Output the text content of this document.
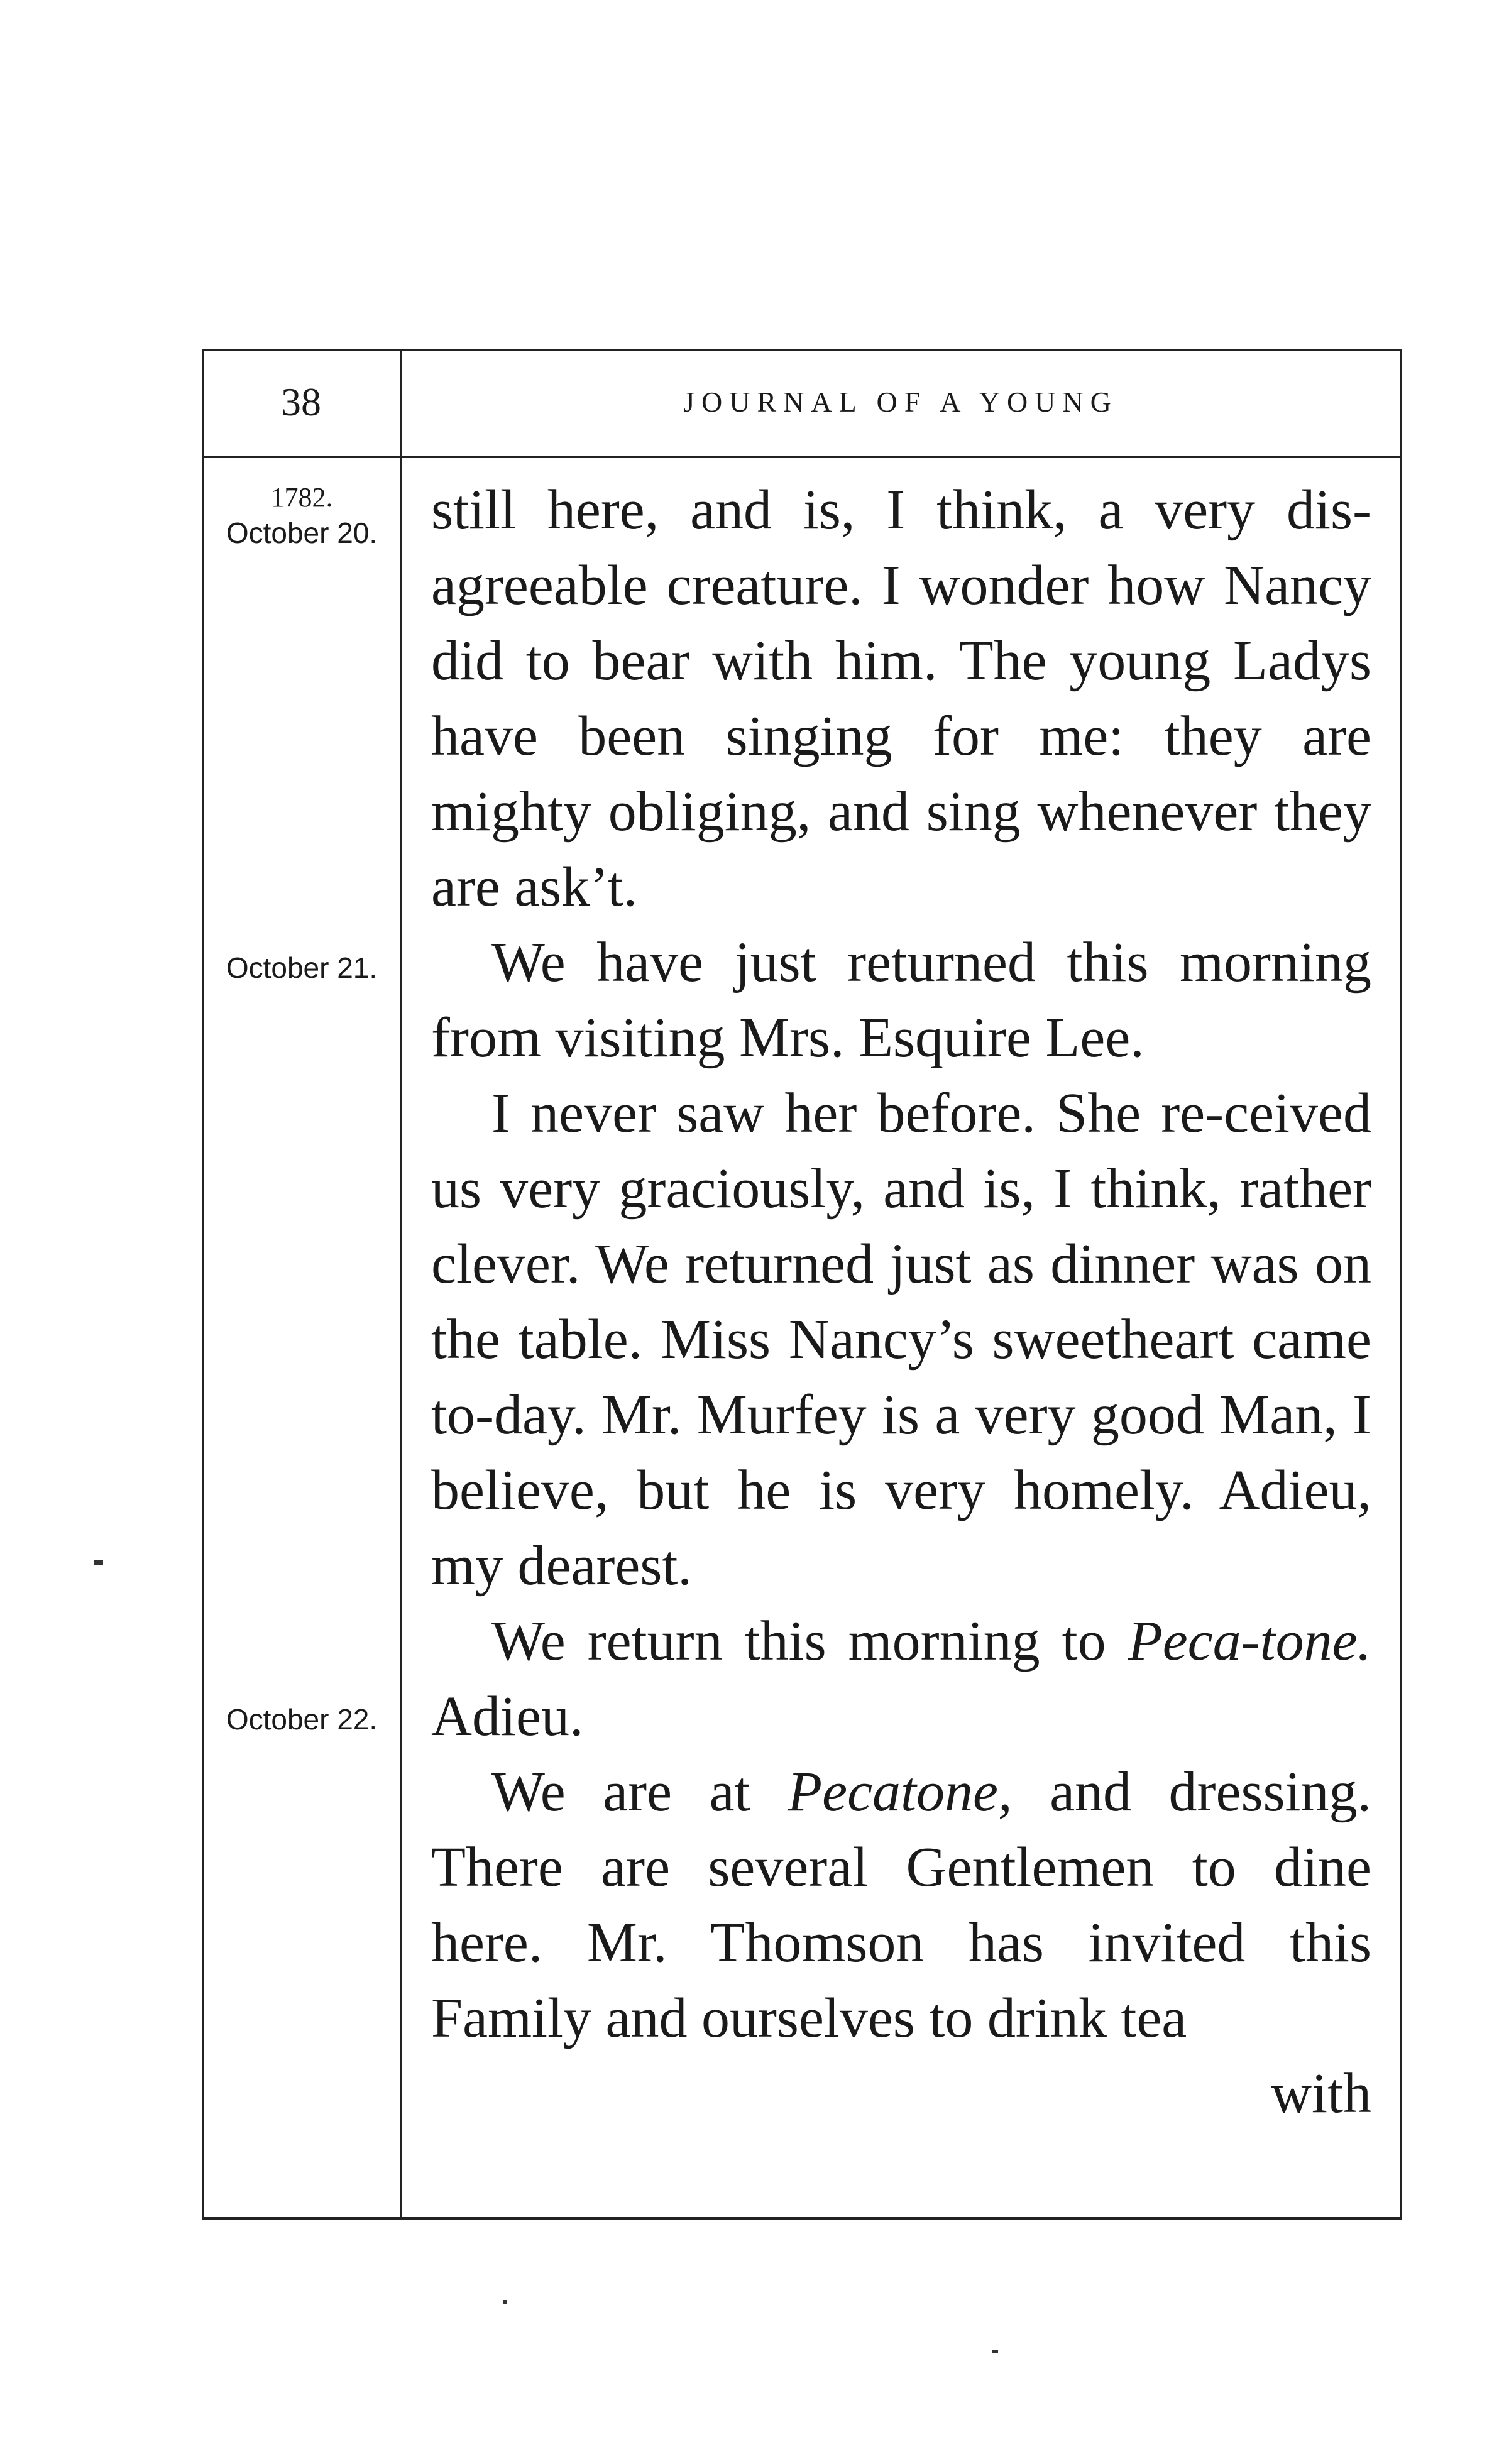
38	JOURNAL OF A YOUNG
1782.
October 20.
October 21.
October 22.

still here, and is, I think, a very dis-agreeable creature. I wonder how Nancy did to bear with him. The young Ladys have been singing for me: they are mighty obliging, and sing whenever they are ask’t.

We have just returned this morning from visiting Mrs. Esquire Lee.

I never saw her before. She re-ceived us very graciously, and is, I think, rather clever. We returned just as dinner was on the table. Miss Nancy’s sweetheart came to-day. Mr. Murfey is a very good Man, I believe, but he is very homely. Adieu, my dearest.

We return this morning to Peca-tone. Adieu.

We are at Pecatone, and dressing. There are several Gentlemen to dine here. Mr. Thomson has invited this Family and ourselves to drink tea

with
